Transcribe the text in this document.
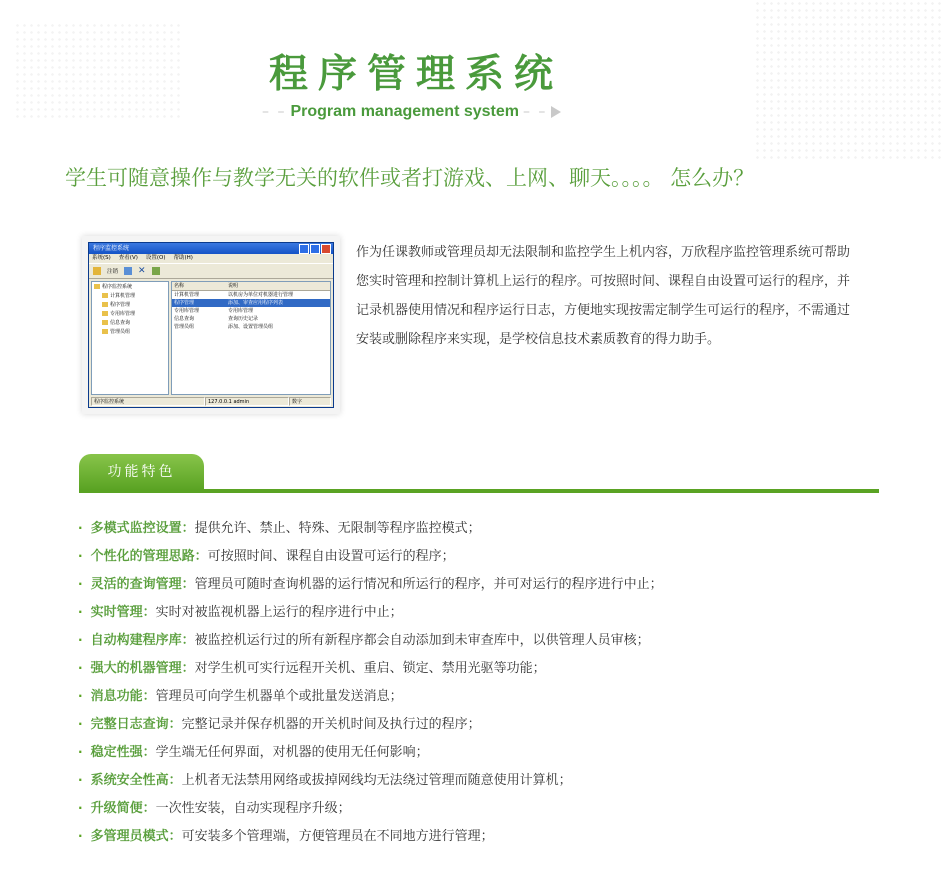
程序管理系统
– – Program management system – –
学生可随意操作与教学无关的软件或者打游戏、上网、聊天。。。。 怎么办？
程序监控系统
系统(S) 查看(V) 设置(O) 帮助(H)
注销 ✕
程序监控系统
计算机管理
程序管理
专用库管理
信息查询
管理员组
名称	说明
计算机管理	以机房为单位对机器进行管理
程序管理	添加、审查应用程序列表
专用库管理	专用库管理
信息查询	查询历史记录
管理员组	添加、设置管理员组
程序监控系统	127.0.0.1 admin	数字
作为任课教师或管理员却无法限制和监控学生上机内容，万欣程序监控管理系统可帮助您实时管理和控制计算机上运行的程序。可按照时间、课程自由设置可运行的程序，并记录机器使用情况和程序运行日志，方便地实现按需定制学生可运行的程序，不需通过安装或删除程序来实现，是学校信息技术素质教育的得力助手。
功能特色
· 多模式监控设置：提供允许、禁止、特殊、无限制等程序监控模式；
· 个性化的管理思路：可按照时间、课程自由设置可运行的程序；
· 灵活的查询管理：管理员可随时查询机器的运行情况和所运行的程序，并可对运行的程序进行中止；
· 实时管理：实时对被监视机器上运行的程序进行中止；
· 自动构建程序库：被监控机运行过的所有新程序都会自动添加到未审查库中，以供管理人员审核；
· 强大的机器管理：对学生机可实行远程开关机、重启、锁定、禁用光驱等功能；
· 消息功能：管理员可向学生机器单个或批量发送消息；
· 完整日志查询：完整记录并保存机器的开关机时间及执行过的程序；
· 稳定性强：学生端无任何界面，对机器的使用无任何影响；
· 系统安全性高：上机者无法禁用网络或拔掉网线均无法绕过管理而随意使用计算机；
· 升级简便：一次性安装，自动实现程序升级；
· 多管理员模式：可安装多个管理端，方便管理员在不同地方进行管理；
